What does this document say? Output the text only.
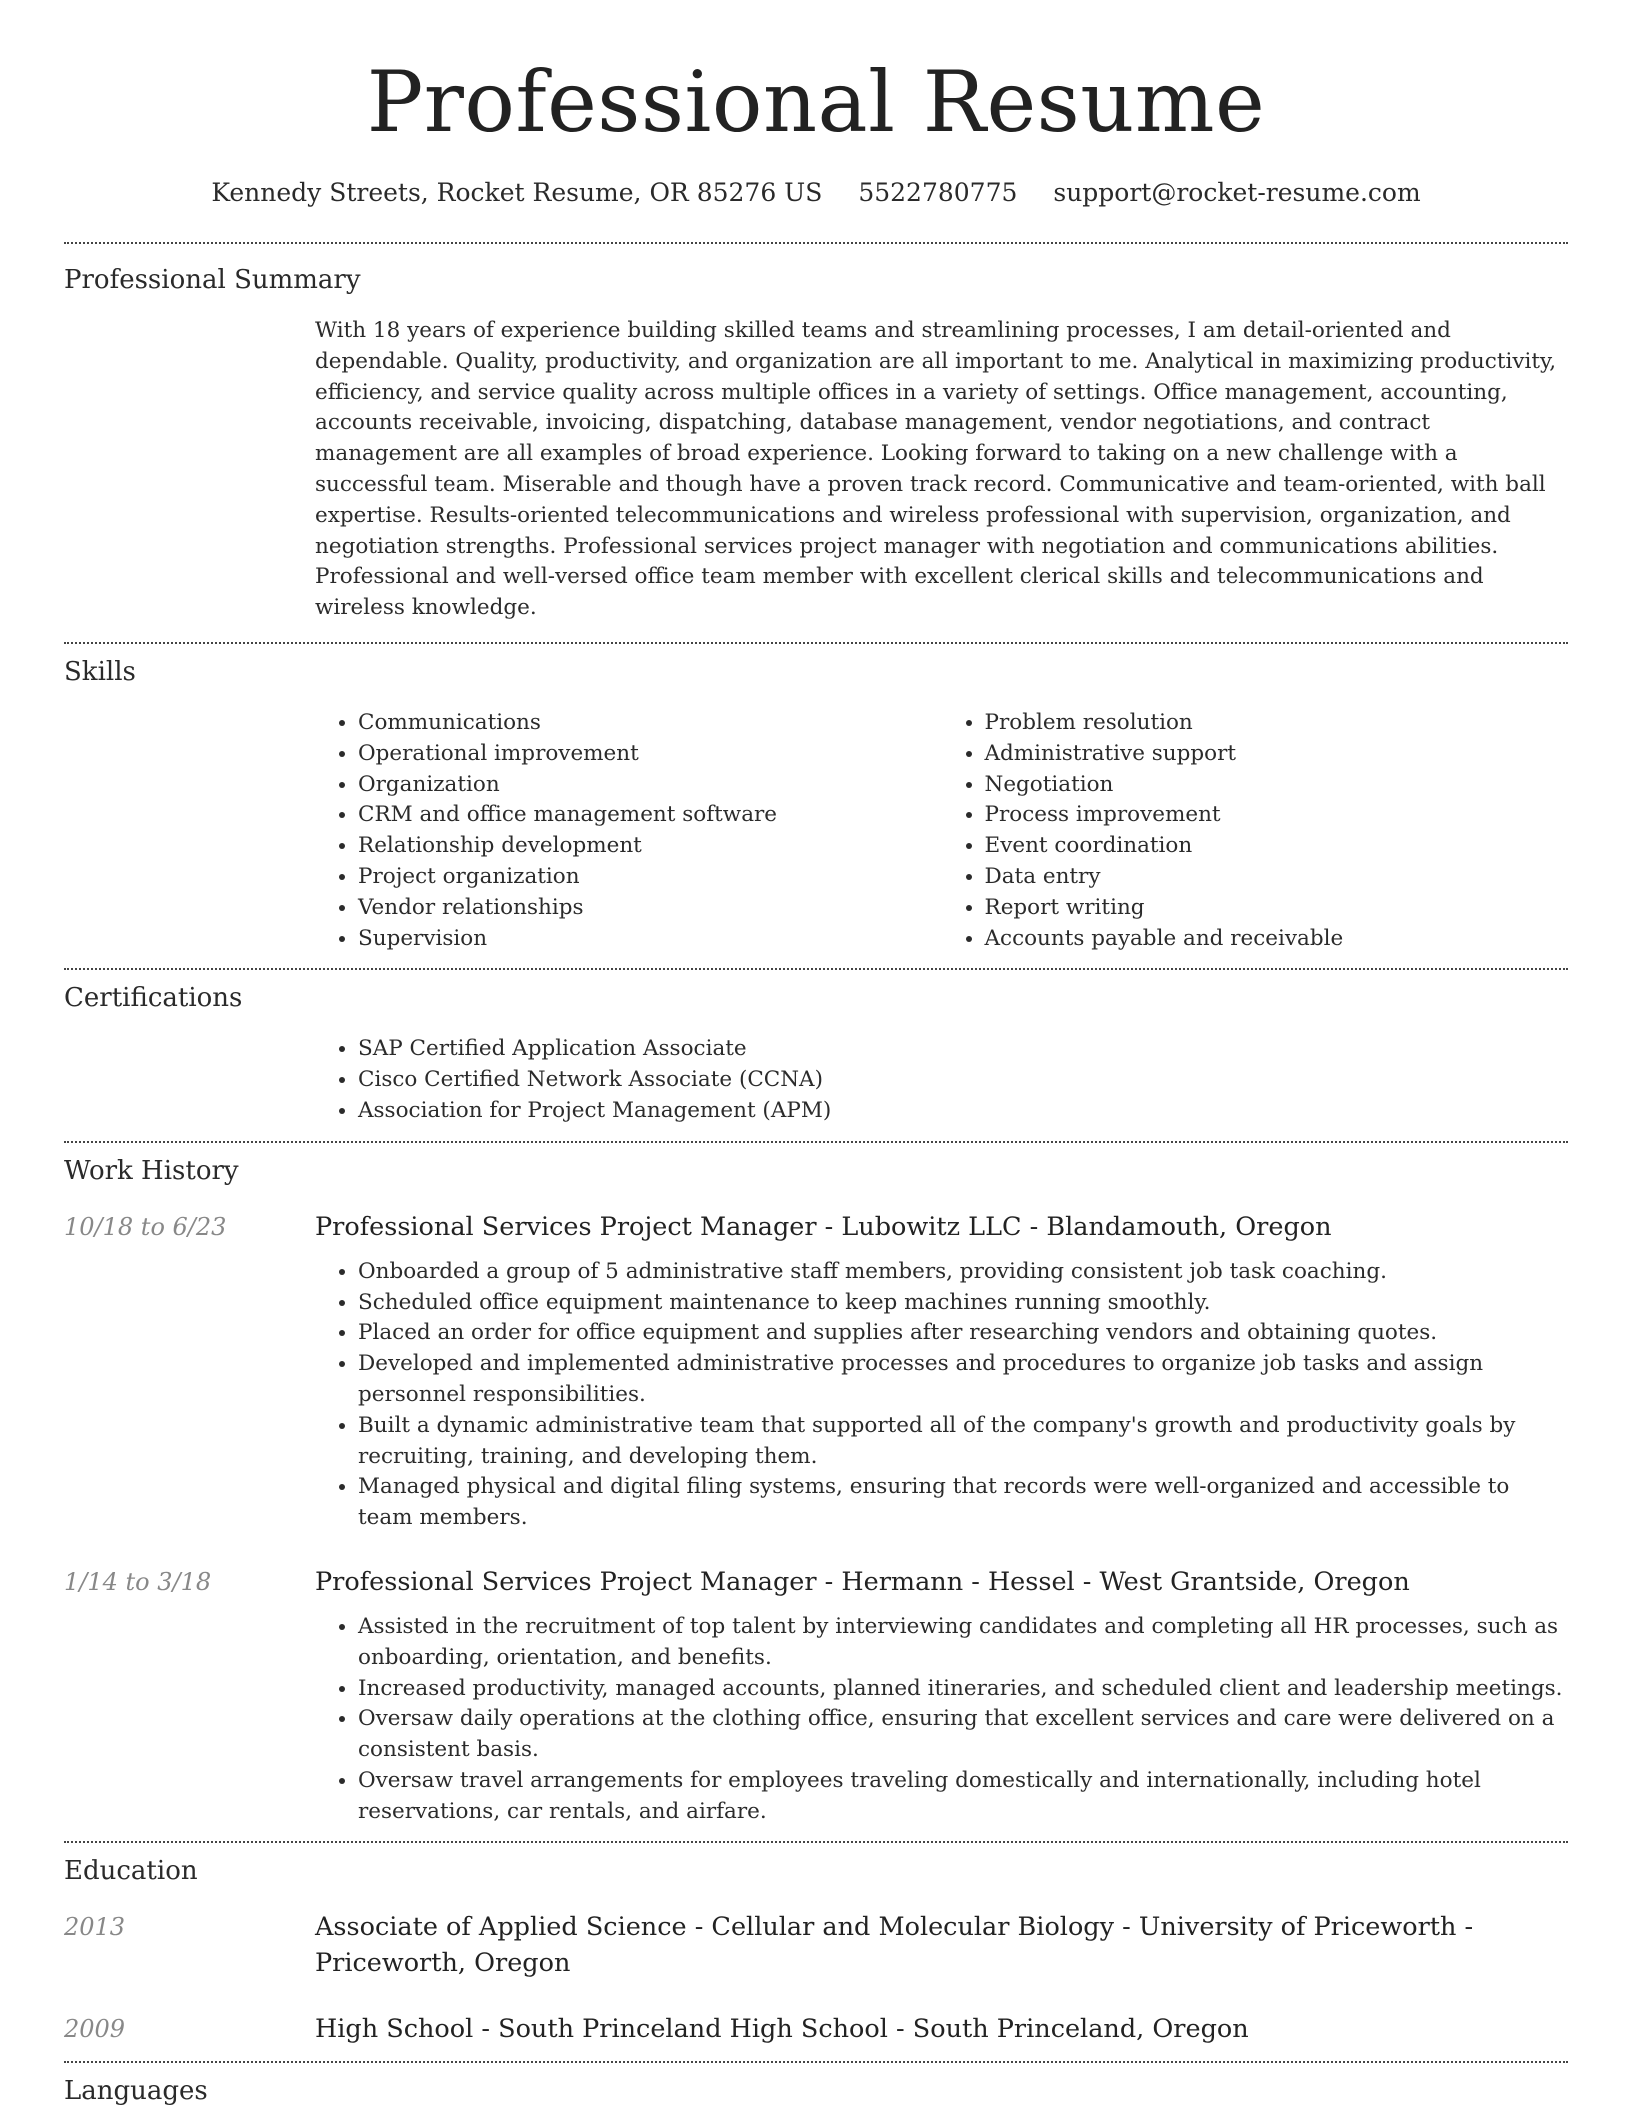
Professional Resume
Kennedy Streets, Rocket Resume, OR 85276 US 5522780775 support@rocket-resume.com
Professional Summary

With 18 years of experience building skilled teams and streamlining processes, I am detail-oriented and dependable. Quality, productivity, and organization are all important to me. Analytical in maximizing productivity, efficiency, and service quality across multiple offices in a variety of settings. Office management, accounting, accounts receivable, invoicing, dispatching, database management, vendor negotiations, and contract management are all examples of broad experience. Looking forward to taking on a new challenge with a successful team. Miserable and though have a proven track record. Communicative and team-oriented, with ball expertise. Results-oriented telecommunications and wireless professional with supervision, organization, and negotiation strengths. Professional services project manager with negotiation and communications abilities. Professional and well-versed office team member with excellent clerical skills and telecommunications and wireless knowledge.

Skills
• Communications
• Operational improvement
• Organization
• CRM and office management software
• Relationship development
• Project organization
• Vendor relationships
• Supervision
• Problem resolution
• Administrative support
• Negotiation
• Process improvement
• Event coordination
• Data entry
• Report writing
• Accounts payable and receivable
Certifications
• SAP Certified Application Associate
• Cisco Certified Network Associate (CCNA)
• Association for Project Management (APM)
Work History
10/18 to 6/23	Professional Services Project Manager - Lubowitz LLC - Blandamouth, Oregon
• Onboarded a group of 5 administrative staff members, providing consistent job task coaching.
• Scheduled office equipment maintenance to keep machines running smoothly.
• Placed an order for office equipment and supplies after researching vendors and obtaining quotes.
• Developed and implemented administrative processes and procedures to organize job tasks and assign personnel responsibilities.
• Built a dynamic administrative team that supported all of the company's growth and productivity goals by recruiting, training, and developing them.
• Managed physical and digital filing systems, ensuring that records were well-organized and accessible to team members.
1/14 to 3/18	Professional Services Project Manager - Hermann - Hessel - West Grantside, Oregon
• Assisted in the recruitment of top talent by interviewing candidates and completing all HR processes, such as onboarding, orientation, and benefits.
• Increased productivity, managed accounts, planned itineraries, and scheduled client and leadership meetings.
• Oversaw daily operations at the clothing office, ensuring that excellent services and care were delivered on a consistent basis.
• Oversaw travel arrangements for employees traveling domestically and internationally, including hotel reservations, car rentals, and airfare.
Education
2013	Associate of Applied Science - Cellular and Molecular Biology - University of Priceworth - Priceworth, Oregon
2009	High School - South Princeland High School - South Princeland, Oregon
Languages
